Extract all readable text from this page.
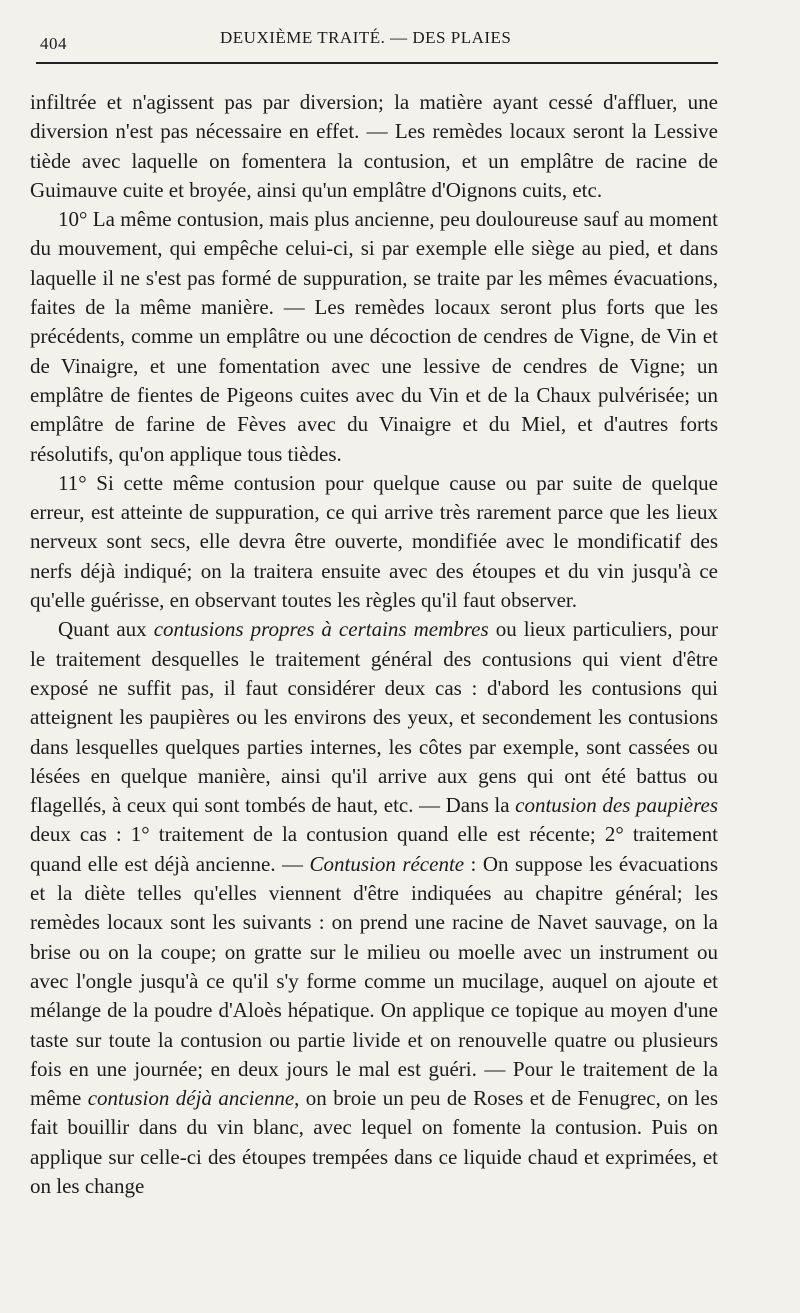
404	DEUXIÈME TRAITÉ. — DES PLAIES

infiltrée et n'agissent pas par diversion; la matière ayant cessé d'affluer, une diversion n'est pas nécessaire en effet. — Les remèdes locaux seront la Lessive tiède avec laquelle on fomentera la contusion, et un emplâtre de racine de Guimauve cuite et broyée, ainsi qu'un emplâtre d'Oignons cuits, etc.

10° La même contusion, mais plus ancienne, peu douloureuse sauf au moment du mouvement, qui empêche celui-ci, si par exemple elle siège au pied, et dans laquelle il ne s'est pas formé de suppuration, se traite par les mêmes évacuations, faites de la même manière. — Les remèdes locaux seront plus forts que les précédents, comme un emplâtre ou une décoction de cendres de Vigne, de Vin et de Vinaigre, et une fomentation avec une lessive de cendres de Vigne; un emplâtre de fientes de Pigeons cuites avec du Vin et de la Chaux pulvérisée; un emplâtre de farine de Fèves avec du Vinaigre et du Miel, et d'autres forts résolutifs, qu'on applique tous tièdes.

11° Si cette même contusion pour quelque cause ou par suite de quelque erreur, est atteinte de suppuration, ce qui arrive très rarement parce que les lieux nerveux sont secs, elle devra être ouverte, mondifiée avec le mondificatif des nerfs déjà indiqué; on la traitera ensuite avec des étoupes et du vin jusqu'à ce qu'elle guérisse, en observant toutes les règles qu'il faut observer.

Quant aux contusions propres à certains membres ou lieux particuliers, pour le traitement desquelles le traitement général des contusions qui vient d'être exposé ne suffit pas, il faut considérer deux cas : d'abord les contusions qui atteignent les paupières ou les environs des yeux, et secondement les contusions dans lesquelles quelques parties internes, les côtes par exemple, sont cassées ou lésées en quelque manière, ainsi qu'il arrive aux gens qui ont été battus ou flagellés, à ceux qui sont tombés de haut, etc. — Dans la contusion des paupières deux cas : 1° traitement de la contusion quand elle est récente; 2° traitement quand elle est déjà ancienne. — Contusion récente : On suppose les évacuations et la diète telles qu'elles viennent d'être indiquées au chapitre général; les remèdes locaux sont les suivants : on prend une racine de Navet sauvage, on la brise ou on la coupe; on gratte sur le milieu ou moelle avec un instrument ou avec l'ongle jusqu'à ce qu'il s'y forme comme un mucilage, auquel on ajoute et mélange de la poudre d'Aloès hépatique. On applique ce topique au moyen d'une taste sur toute la contusion ou partie livide et on renouvelle quatre ou plusieurs fois en une journée; en deux jours le mal est guéri. — Pour le traitement de la même contusion déjà ancienne, on broie un peu de Roses et de Fenugrec, on les fait bouillir dans du vin blanc, avec lequel on fomente la contusion. Puis on applique sur celle-ci des étoupes trempées dans ce liquide chaud et exprimées, et on les change
